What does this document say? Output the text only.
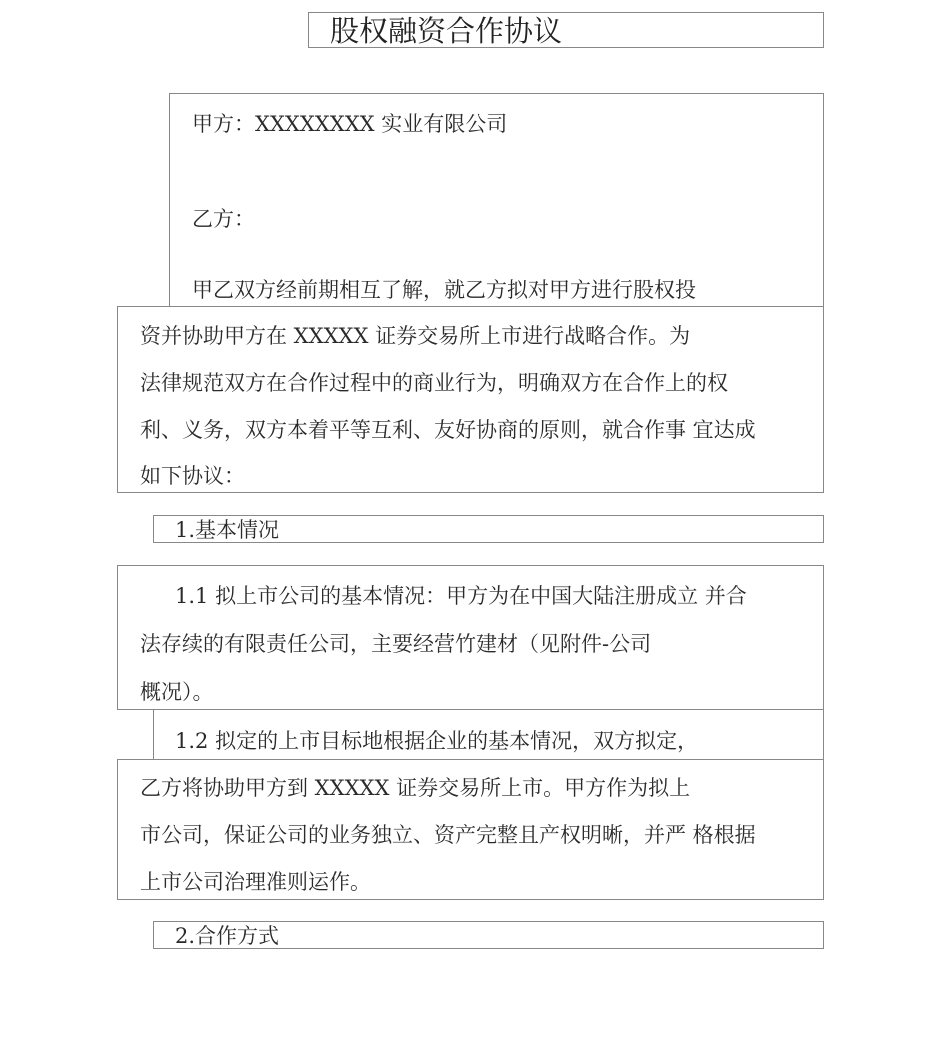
股权融资合作协议
甲方：XXXXXXXX 实业有限公司
乙方：
甲乙双方经前期相互了解，就乙方拟对甲方进行股权投
资并协助甲方在 XXXXX 证券交易所上市进行战略合作。为
法律规范双方在合作过程中的商业行为，明确双方在合作上的权
利、义务，双方本着平等互利、友好协商的原则，就合作事 宜达成
如下协议：
1.基本情况
1.1 拟上市公司的基本情况：甲方为在中国大陆注册成立 并合
法存续的有限责任公司，主要经营竹建材（见附件-公司
概况）。
1.2 拟定的上市目标地根据企业的基本情况，双方拟定，
乙方将协助甲方到 XXXXX 证券交易所上市。甲方作为拟上
市公司，保证公司的业务独立、资产完整且产权明晰，并严 格根据
上市公司治理准则运作。
2.合作方式
